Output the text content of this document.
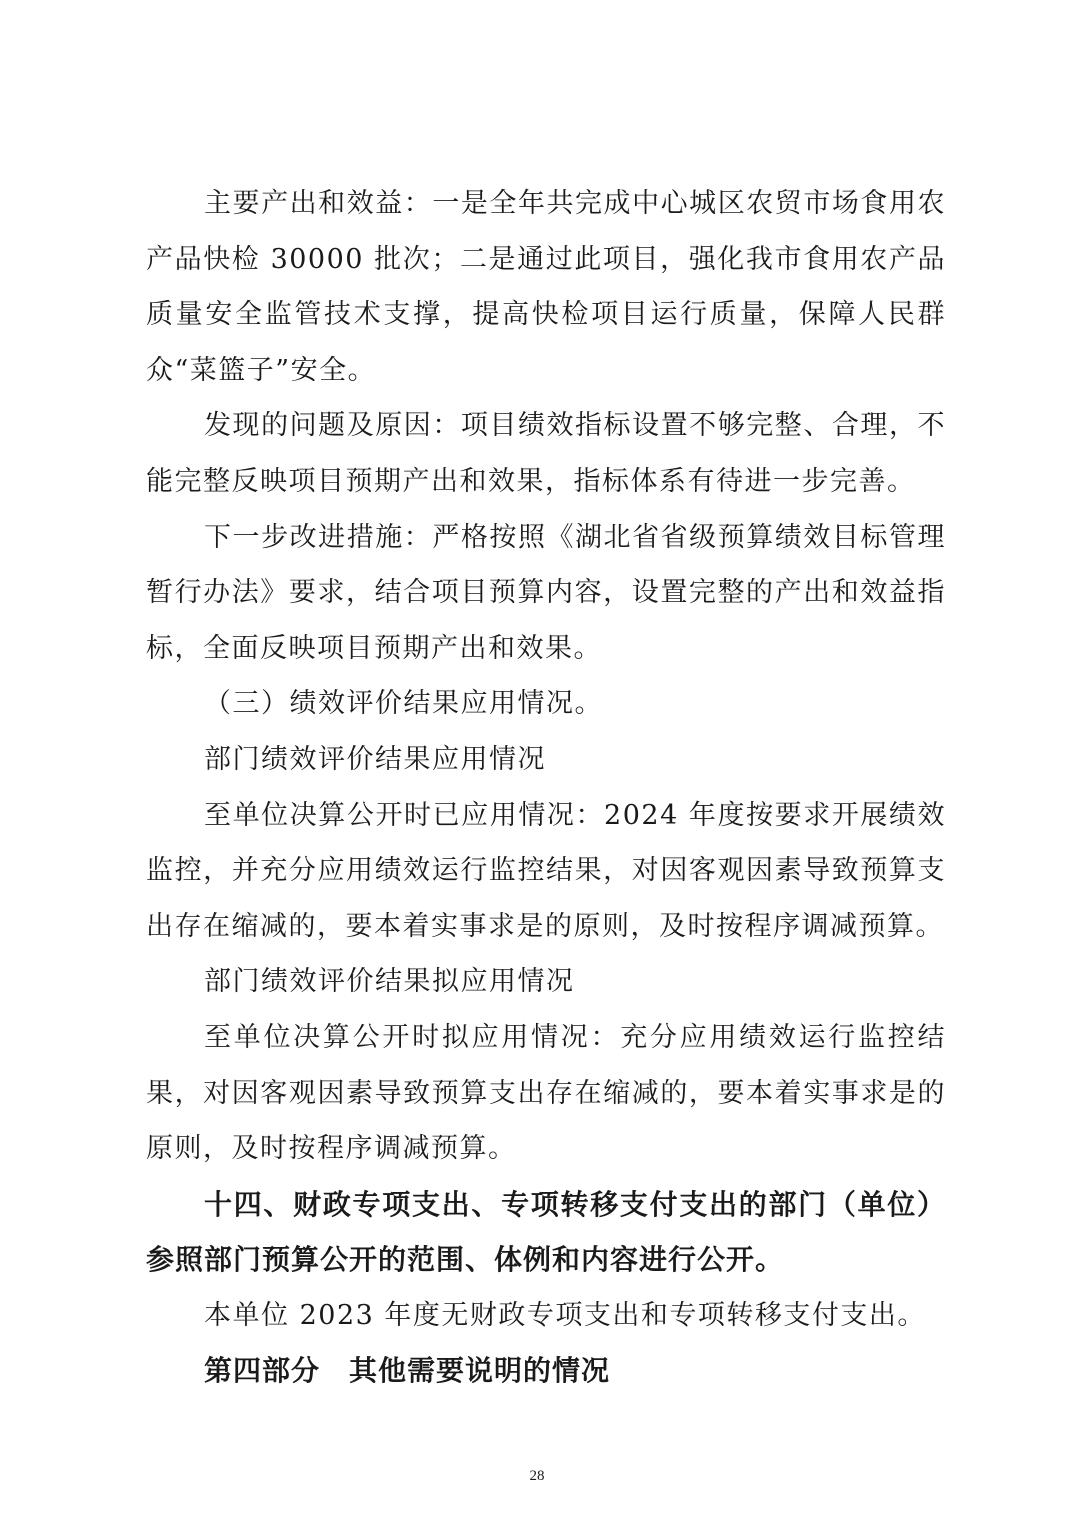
主要产出和效益：一是全年共完成中心城区农贸市场食用农产品快检 30000 批次；二是通过此项目，强化我市食用农产品质量安全监管技术支撑，提高快检项目运行质量，保障人民群众“菜篮子”安全。

发现的问题及原因：项目绩效指标设置不够完整、合理，不能完整反映项目预期产出和效果，指标体系有待进一步完善。

下一步改进措施：严格按照《湖北省省级预算绩效目标管理暂行办法》要求，结合项目预算内容，设置完整的产出和效益指标，全面反映项目预期产出和效果。

（三）绩效评价结果应用情况。

部门绩效评价结果应用情况

至单位决算公开时已应用情况：2024 年度按要求开展绩效监控，并充分应用绩效运行监控结果，对因客观因素导致预算支出存在缩减的，要本着实事求是的原则，及时按程序调减预算。

部门绩效评价结果拟应用情况

至单位决算公开时拟应用情况：充分应用绩效运行监控结果，对因客观因素导致预算支出存在缩减的，要本着实事求是的原则，及时按程序调减预算。

十四、财政专项支出、专项转移支付支出的部门（单位）参照部门预算公开的范围、体例和内容进行公开。

本单位 2023 年度无财政专项支出和专项转移支付支出。

第四部分　其他需要说明的情况

28
